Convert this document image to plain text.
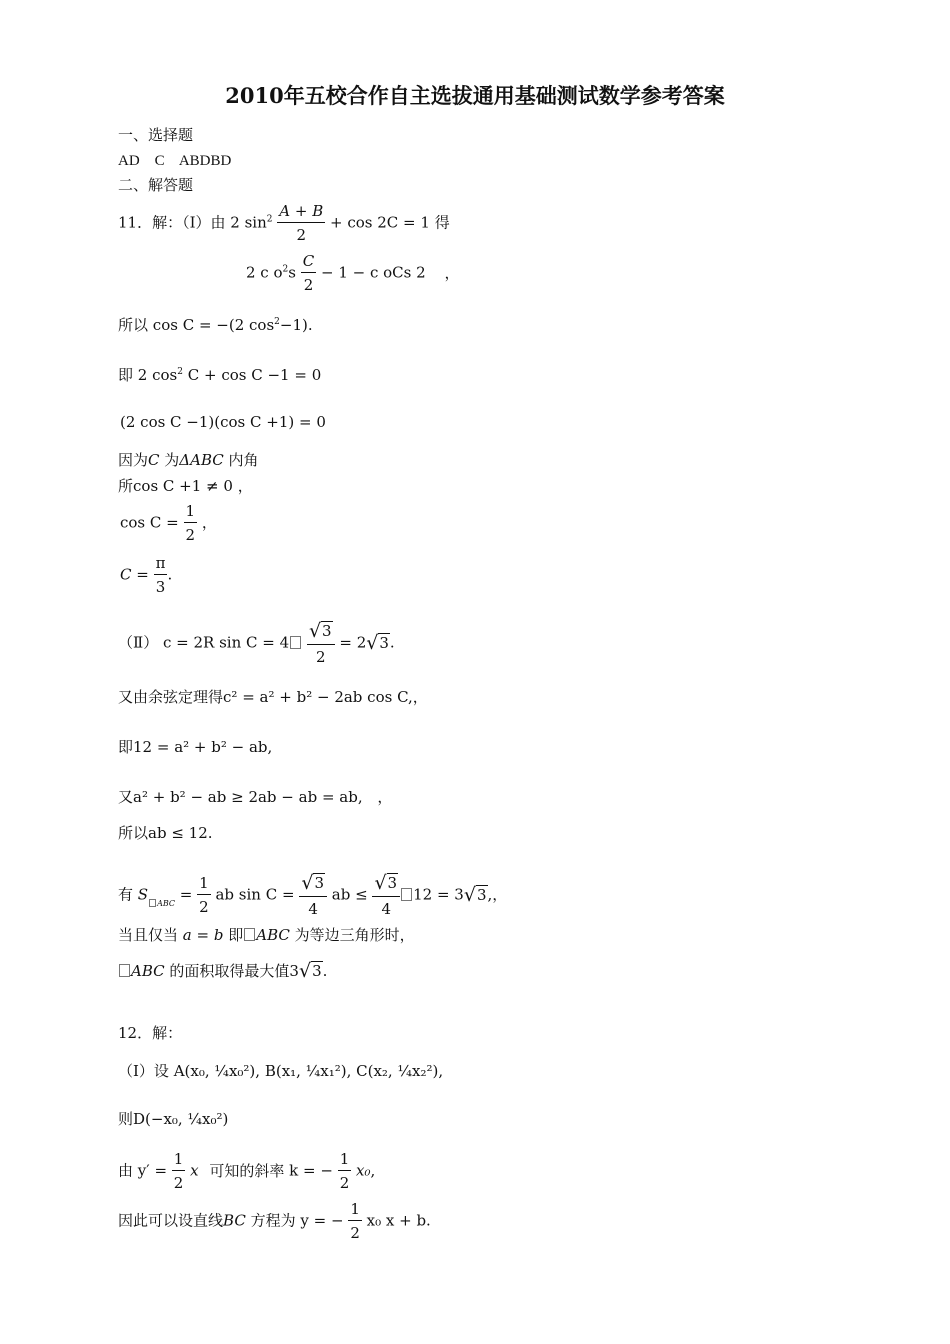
2010年五校合作自主选拔通用基础测试数学参考答案
一、选择题
AD    C    ABDBD
二、解答题
11．解：（Ⅰ）由 2 $\sin^2 \frac{A + B}{2} + \cos 2C = 1$ 得
2 c $o^2s \frac{C}{2} - 1 - c$ oCs 2 ，
所以 cos C = −(2 $\cos^2-1$).
即 2 $\cos^2 C + \cos C -1 = 0$
(2 cos C −1)(cos C +1) = 0
因为C 为ΔABC 内角
所cos C +1 ≠ 0 ，
$\cos C = \frac{1}{2}$ ，
$C = \frac{\pi}{3}$ .
（Ⅱ） c = 2R $\sin C = 4 \frac{√3}{2} = 2√3$.
又由余弦定理得c² = a² + b² − 2ab cos C,，
即12 = a² + b² − ab,
又a² + b² − ab ≥ 2ab − ab = ab, ，
所以ab ≤ 12.
有 S $_{ABC} = \frac{1}{2}$ ab $\sin C = \frac{√3}{4}$ ab ≤ $\frac{√3}{4} 12 = 3√3$,，
当且仅当 a = b 即 ABC 为等边三角形时，
ABC 的面积取得最大值3√3.
12．解：
（Ⅰ）设 A(x₀, ¼x₀²), B(x₁, ¼x₁²), C(x₂, ¼x₂²),
则D(−x₀, ¼x₀²)
由 $y' = \frac{1}{2}$ x 可知的斜率 k = − $\frac{1}{2} x_0$,
因此可以设直线BC 方程为 y = − $\frac{1}{2} x_0$ x + b.
